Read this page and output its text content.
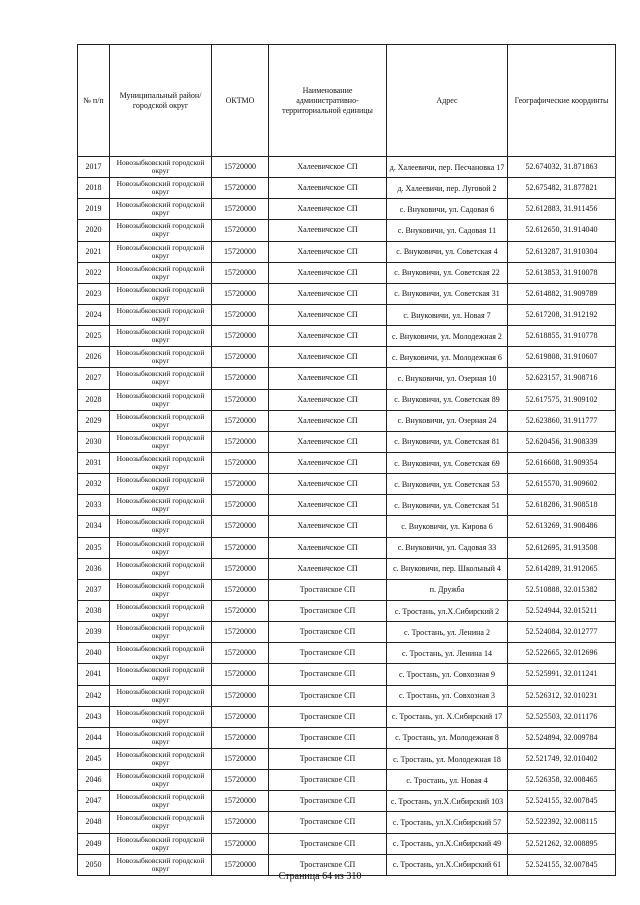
№ п/п	Муниципальный район/городской округ	ОКТМО	Наименование административно-территориальной единицы	Адрес	Географические координты
2017	Новозыбковский городской округ	15720000	Халеевичское СП	д. Халеевичи, пер. Песчановка 17	52.674032, 31.871863
2018	Новозыбковский городской округ	15720000	Халеевичское СП	д. Халеевичи, пер. Луговой 2	52.675482, 31.877821
2019	Новозыбковский городской округ	15720000	Халеевичское СП	с. Внуковичи, ул. Садовая 6	52.612883, 31.911456
2020	Новозыбковский городской округ	15720000	Халеевичское СП	с. Внуковичи, ул. Садовая 11	52.612650, 31.914040
2021	Новозыбковский городской округ	15720000	Халеевичское СП	с. Внуковичи, ул. Советская 4	52.613287, 31.910304
2022	Новозыбковский городской округ	15720000	Халеевичское СП	с. Внуковичи, ул. Советская 22	52.613853, 31.910078
2023	Новозыбковский городской округ	15720000	Халеевичское СП	с. Внуковичи, ул. Советская 31	52.614882, 31.909789
2024	Новозыбковский городской округ	15720000	Халеевичское СП	с. Внуковичи, ул. Новая 7	52.617208, 31.912192
2025	Новозыбковский городской округ	15720000	Халеевичское СП	с. Внуковичи, ул. Молодежная 2	52.618855, 31.910778
2026	Новозыбковский городской округ	15720000	Халеевичское СП	с. Внуковичи, ул. Молодежная 6	52.619808, 31.910607
2027	Новозыбковский городской округ	15720000	Халеевичское СП	с. Внуковичи, ул. Озерная 10	52.623157, 31.908716
2028	Новозыбковский городской округ	15720000	Халеевичское СП	с. Внуковичи, ул. Советская 89	52.617575, 31.909102
2029	Новозыбковский городской округ	15720000	Халеевичское СП	с. Внуковичи, ул. Озерная 24	52.623860, 31.911777
2030	Новозыбковский городской округ	15720000	Халеевичское СП	с. Внуковичи, ул. Советская 81	52.620456, 31.908339
2031	Новозыбковский городской округ	15720000	Халеевичское СП	с. Внуковичи, ул. Советская 69	52.616608, 31.909354
2032	Новозыбковский городской округ	15720000	Халеевичское СП	с. Внуковичи, ул. Советская 53	52.615570, 31.909602
2033	Новозыбковский городской округ	15720000	Халеевичское СП	с. Внуковичи, ул. Советская 51	52.618286, 31.908518
2034	Новозыбковский городской округ	15720000	Халеевичское СП	с. Внуковичи, ул. Кирова 6	52.613269, 31.908486
2035	Новозыбковский городской округ	15720000	Халеевичское СП	с. Внуковичи, ул. Садовая 33	52.612695, 31.913508
2036	Новозыбковский городской округ	15720000	Халеевичское СП	с. Внуковичи, пер. Школьный 4	52.614289, 31.912065
2037	Новозыбковский городской округ	15720000	Тростанское СП	п. Дружба	52.510888, 32.015382
2038	Новозыбковский городской округ	15720000	Тростанское СП	с. Тростань, ул.Х.Сибирский 2	52.524944, 32.015211
2039	Новозыбковский городской округ	15720000	Тростанское СП	с. Тростань, ул. Ленина 2	52.524084, 32.012777
2040	Новозыбковский городской округ	15720000	Тростанское СП	с. Тростань, ул. Ленина 14	52.522665, 32.012696
2041	Новозыбковский городской округ	15720000	Тростанское СП	с. Тростань, ул. Совхозная 9	52.525991, 32.011241
2042	Новозыбковский городской округ	15720000	Тростанское СП	с. Тростань, ул. Совхозная 3	52.526312, 32.010231
2043	Новозыбковский городской округ	15720000	Тростанское СП	с. Тростань, ул. Х.Сибирский 17	52.525503, 32.011176
2044	Новозыбковский городской округ	15720000	Тростанское СП	с. Тростань, ул. Молодежная 8	52.524894, 32.009784
2045	Новозыбковский городской округ	15720000	Тростанское СП	с. Тростань, ул. Молодежная 18	52.521749, 32.010402
2046	Новозыбковский городской округ	15720000	Тростанское СП	с. Тростань, ул. Новая 4	52.526358, 32.008465
2047	Новозыбковский городской округ	15720000	Тростанское СП	с. Тростань, ул.Х.Сибирский 103	52.524155, 32.007845
2048	Новозыбковский городской округ	15720000	Тростанское СП	с. Тростань, ул.Х.Сибирский 57	52.522392, 32.008115
2049	Новозыбковский городской округ	15720000	Тростанское СП	с. Тростань, ул.Х.Сибирский 49	52.521262, 32.008895
2050	Новозыбковский городской округ	15720000	Тростанское СП	с. Тростань, ул.Х.Сибирский 61	52.524155, 32.007845
Страница 64 из 310
